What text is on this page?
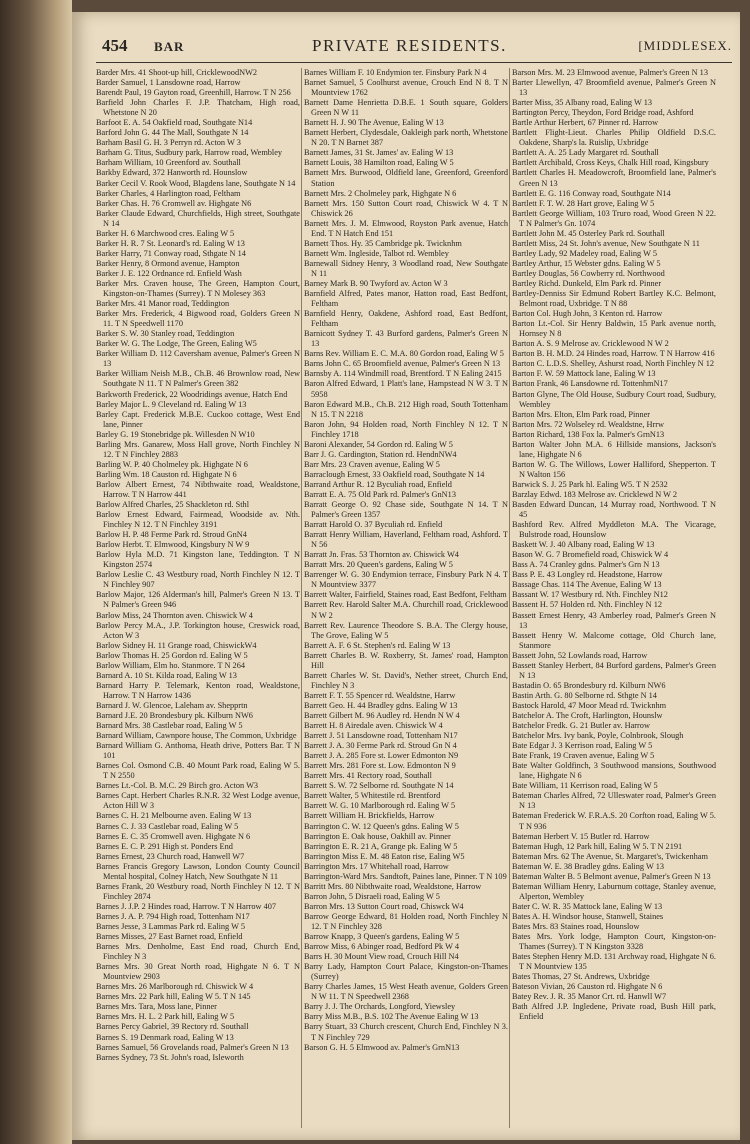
454 BAR	PRIVATE RESIDENTS.	[MIDDLESEX.
Barder Mrs. 41 Shoot-up hill, CricklewoodNW2
Barder Samuel, 1 Lansdowne road, Harrow
Barendt Paul, 19 Gayton road, Greenhill, Harrow. T N 256
Barfield John Charles F. J.P. Thatcham, High road, Whetstone N 20
Barfoot E. A. 54 Oakfield road, Southgate N14
Barford John G. 44 The Mall, Southgate N 14
Barham Basil G. H. 3 Perryn rd. Acton W 3
Barham G. Titus, Sudbury park, Harrow road, Wembley
Barham William, 10 Greenford av. Southall
Barkby Edward, 372 Hanworth rd. Hounslow
Barker Cecil V. Rook Wood, Blagdens lane, Southgate N 14
Barker Charles, 4 Harlington road, Feltham
Barker Chas. H. 76 Cromwell av. Highgate N6
Barker Claude Edward, Churchfields, High street, Southgate N 14
Barker H. 6 Marchwood cres. Ealing W 5
Barker H. R. 7 St. Leonard's rd. Ealing W 13
Barker Harry, 71 Conway road, Sthgate N 14
Barker Henry, 8 Ormond avenue, Hampton
Barker J. E. 122 Ordnance rd. Enfield Wash
Barker Mrs. Craven house, The Green, Hampton Court, Kingston-on-Thames (Surrey). T N Molesey 363
Barker Mrs. 41 Manor road, Teddington
Barker Mrs. Frederick, 4 Bigwood road, Golders Green N 11. T N Speedwell 1170
Barker S. W. 30 Stanley road, Teddington
Barker W. G. The Lodge, The Green, Ealing W5
Barker William D. 112 Caversham avenue, Palmer's Green N 13
Barker William Neish M.B., Ch.B. 46 Brownlow road, New Southgate N 11. T N Palmer's Green 382
Barkworth Frederick, 22 Woodridings avenue, Hatch End
Barley Major L. 9 Cleveland rd. Ealing W 13
Barley Capt. Frederick M.B.E. Cuckoo cottage, West End lane, Pinner
Barley G. 19 Stonebridge pk. Willesden N W10
Barling Mrs. Ganarew, Moss Hall grove, North Finchley N 12. T N Finchley 2883
Barling W. P. 40 Cholmeley pk. Highgate N 6
Barling Wm. 18 Causton rd. Highgate N 6
Barlow Albert Ernest, 74 Nibthwaite road, Wealdstone, Harrow. T N Harrow 441
Barlow Alfred Charles, 25 Shackleton rd. Sthl
Barlow Ernest Edward, Fairmead, Woodside av. Nth. Finchley N 12. T N Finchley 3191
Barlow H. P. 48 Ferme Park rd. Stroud GnN4
Barlow Herbt. T. Elmwood, Kingsbury N W 9
Barlow Hyla M.D. 71 Kingston lane, Teddington. T N Kingston 2574
Barlow Leslie C. 43 Westbury road, North Finchley N 12. T N Finchley 907
Barlow Major, 126 Alderman's hill, Palmer's Green N 13. T N Palmer's Green 946
Barlow Miss, 24 Thornton aven. Chiswick W 4
Barlow Percy M.A., J.P. Torkington house, Creswick road, Acton W 3
Barlow Sidney H. 11 Grange road, ChiswickW4
Barlow Thomas H. 25 Gordon rd. Ealing W 5
Barlow William, Elm ho. Stanmore. T N 264
Barnard A. 10 St. Kilda road, Ealing W 13
Barnard Harry P. Telemark, Kenton road, Wealdstone, Harrow. T N Harrow 1436
Barnard J. W. Glencoe, Laleham av. Shepprtn
Barnard J.E. 20 Brondesbury pk. Kilburn NW6
Barnard Mrs. 38 Castlebar road, Ealing W 5
Barnard William, Cawnpore house, The Common, Uxbridge
Barnard William G. Anthoma, Heath drive, Potters Bar. T N 101
Barnes Col. Osmond C.B. 40 Mount Park road, Ealing W 5. T N 2550
Barnes Lt.-Col. B. M.C. 29 Birch gro. Acton W3
Barnes Capt. Herbert Charles R.N.R. 32 West Lodge avenue, Acton Hill W 3
Barnes C. H. 21 Melbourne aven. Ealing W 13
Barnes C. J. 33 Castlebar road, Ealing W 5
Barnes E. C. 35 Cromwell aven. Highgate N 6
Barnes E. C. P. 291 High st. Ponders End
Barnes Ernest, 23 Church road, Hanwell W7
Barnes Francis Gregory Lawson, London County Council Mental hospital, Colney Hatch, New Southgate N 11
Barnes Frank, 20 Westbury road, North Finchley N 12. T N Finchley 2874
Barnes J. J.P. 2 Hindes road, Harrow. T N Harrow 407
Barnes J. A. P. 794 High road, Tottenham N17
Barnes Jesse, 3 Lammas Park rd. Ealing W 5
Barnes Misses, 27 East Barnet road, Enfield
Barnes Mrs. Denholme, East End road, Church End, Finchley N 3
Barnes Mrs. 30 Great North road, Highgate N 6. T N Mountview 2903
Barnes Mrs. 26 Marlborough rd. Chiswick W 4
Barnes Mrs. 22 Park hill, Ealing W 5. T N 145
Barnes Mrs. Tara, Moss lane, Pinner
Barnes Mrs. H. L. 2 Park hill, Ealing W 5
Barnes Percy Gabriel, 39 Rectory rd. Southall
Barnes S. 19 Denmark road, Ealing W 13
Barnes Samuel, 56 Grovelands road, Palmer's Green N 13
Barnes Sydney, 73 St. John's road, Isleworth
Barnes William F. 10 Endymion ter. Finsbury Park N 4
Barnet Samuel, 5 Coolhurst avenue, Crouch End N 8. T N Mountview 1762
Barnett Dame Henrietta D.B.E. 1 South square, Golders Green N W 11
Barnett H. J. 90 The Avenue, Ealing W 13
Barnett Herbert, Clydesdale, Oakleigh park north, Whetstone N 20. T N Barnet 387
Barnett James, 31 St. James' av. Ealing W 13
Barnett Louis, 38 Hamilton road, Ealing W 5
Barnett Mrs. Burwood, Oldfield lane, Greenford, Greenford Station
Barnett Mrs. 2 Cholmeley park, Highgate N 6
Barnett Mrs. 150 Sutton Court road, Chiswick W 4. T N Chiswick 26
Barnett Mrs. J. M. Elmwood, Royston Park avenue, Hatch End. T N Hatch End 151
Barnett Thos. Hy. 35 Cambridge pk. Twicknhm
Barnett Wm. Ingleside, Talbot rd. Wembley
Barnewall Sidney Henry, 3 Woodland road, New Southgate N 11
Barney Mark B. 90 Twyford av. Acton W 3
Barnfield Alfred, Pates manor, Hatton road, East Bedfont, Feltham
Barnfield Henry, Oakdene, Ashford road, East Bedfont, Feltham
Barnicott Sydney T. 43 Burford gardens, Palmer's Green N 13
Barns Rev. William E. C. M.A. 80 Gordon road, Ealing W 5
Barns John C. 65 Broomfield avenue, Palmer's Green N 13
Barnsby A. 114 Windmill road, Brentford. T N Ealing 2415
Baron Alfred Edward, 1 Platt's lane, Hampstead N W 3. T N 5958
Baron Edward M.B., Ch.B. 212 High road, South Tottenham N 15. T N 2218
Baron John, 94 Holden road, North Finchley N 12. T N Finchley 1718
Baroni Alexander, 54 Gordon rd. Ealing W 5
Barr J. G. Cardington, Station rd. HendnNW4
Barr Mrs. 23 Craven avenue, Ealing W 5
Barraclough Ernest, 33 Oakfield road, Southgate N 14
Barrand Arthur R. 12 Byculiah road, Enfield
Barratt E. A. 75 Old Park rd. Palmer's GnN13
Barratt George O. 92 Chase side, Southgate N 14. T N Palmer's Green 1357
Barratt Harold O. 37 Byculiah rd. Enfield
Barratt Henry William, Haverland, Feltham road, Ashford. T N 56
Barratt Jn. Fras. 53 Thornton av. Chiswick W4
Barratt Mrs. 20 Queen's gardens, Ealing W 5
Barrenger W. G. 30 Endymion terrace, Finsbury Park N 4. T N Mountview 3377
Barrett Walter, Fairfield, Staines road, East Bedfont, Feltham
Barrett Rev. Harold Salter M.A. Churchill road, Cricklewood N W 2
Barrett Rev. Laurence Theodore S. B.A. The Clergy house, The Grove, Ealing W 5
Barrett A. F. 6 St. Stephen's rd. Ealing W 13
Barrett Charles B. W. Roxberry, St. James' road, Hampton Hill
Barrett Charles W. St. David's, Nether street, Church End, Finchley N 3
Barrett F. T. 55 Spencer rd. Wealdstne, Harrw
Barrett Geo. H. 44 Bradley gdns. Ealing W 13
Barrett Gilbert M. 96 Audley rd. Hendn N W 4
Barrett H. 8 Airedale aven. Chiswick W 4
Barrett J. 51 Lansdowne road, Tottenham N17
Barrett J. A. 30 Ferme Park rd. Stroud Gn N 4
Barrett J. A. 285 Fore st. Lower Edmonton N9
Barrett Mrs. 281 Fore st. Low. Edmonton N 9
Barrett Mrs. 41 Rectory road, Southall
Barrett S. W. 72 Selborne rd. Southgate N 14
Barrett Walter, 5 Whitestile rd. Brentford
Barrett W. G. 10 Marlborough rd. Ealing W 5
Barrett William H. Brickfields, Harrow
Barrington C. W. 12 Queen's gdns. Ealing W 5
Barrington E. Oak house, Oakhill av. Pinner
Barrington E. R. 21 A, Grange pk. Ealing W 5
Barrington Miss E. M. 48 Eaton rise, Ealing W5
Barrington Mrs. 17 Whitehall road, Harrow
Barrington-Ward Mrs. Sandtoft, Paines lane, Pinner. T N 109
Barritt Mrs. 80 Nibthwaite road, Wealdstone, Harrow
Barron John, 5 Disraeli road, Ealing W 5
Barron Mrs. 13 Sutton Court road, Chiswck W4
Barrow George Edward, 81 Holden road, North Finchley N 12. T N Finchley 328
Barrow Knapp, 3 Queen's gardens, Ealing W 5
Barrow Miss, 6 Abinger road, Bedford Pk W 4
Barrs H. 30 Mount View road, Crouch Hill N4
Barry Lady, Hampton Court Palace, Kingston-on-Thames (Surrey)
Barry Charles James, 15 West Heath avenue, Golders Green N W 11. T N Speedwell 2368
Barry J. J. The Orchards, Longford, Yiewsley
Barry Miss M.B., B.S. 102 The Avenue Ealing W 13
Barry Stuart, 33 Church crescent, Church End, Finchley N 3. T N Finchley 729
Barson G. H. 5 Elmwood av. Palmer's GrnN13
Barson Mrs. M. 23 Elmwood avenue, Palmer's Green N 13
Barter Llewellyn, 47 Broomfield avenue, Palmer's Green N 13
Barter Miss, 35 Albany road, Ealing W 13
Bartington Percy, Theydon, Ford Bridge road, Ashford
Bartle Arthur Herbert, 67 Pinner rd. Harrow
Bartlett Flight-Lieut. Charles Philip Oldfield D.S.C. Oakdene, Sharp's la. Ruislip, Uxbridge
Bartlett A. A. 25 Lady Margaret rd. Southall
Bartlett Archibald, Cross Keys, Chalk Hill road, Kingsbury
Bartlett Charles H. Meadowcroft, Broomfield lane, Palmer's Green N 13
Bartlett E. G. 116 Conway road, Southgate N14
Bartlett F. T. W. 28 Hart grove, Ealing W 5
Bartlett George William, 103 Truro road, Wood Green N 22. T N Palmer's Gn. 1074
Bartlett John M. 45 Osterley Park rd. Southall
Bartlett Miss, 24 St. John's avenue, New Southgate N 11
Bartley Lady, 92 Madeley road, Ealing W 5
Bartley Arthur, 15 Webster gdns. Ealing W 5
Bartley Douglas, 56 Cowberry rd. Northwood
Bartley Richd. Dunkeld, Elm Park rd. Pinner
Bartley-Denniss Sir Edmund Robert Bartley K.C. Belmont, Belmont road, Uxbridge. T N 88
Barton Col. Hugh John, 3 Kenton rd. Harrow
Barton Lt.-Col. Sir Henry Baldwin, 15 Park avenue north, Hornsey N 8
Barton A. S. 9 Melrose av. Cricklewood N W 2
Barton B. H. M.D. 24 Hindes road, Harrow. T N Harrow 416
Barton C. L.D.S. Shelley, Ashurst road, North Finchley N 12
Barton F. W. 59 Mattock lane, Ealing W 13
Barton Frank, 46 Lansdowne rd. TottenhmN17
Barton Glyne, The Old House, Sudbury Court road, Sudbury, Wembley
Barton Mrs. Elton, Elm Park road, Pinner
Barton Mrs. 72 Wolseley rd. Wealdstne, Hrrw
Barton Richard, 138 Fox la. Palmer's GrnN13
Barton Walter John M.A. 6 Hillside mansions, Jackson's lane, Highgate N 6
Barton W. G. The Willows, Lower Halliford, Shepperton. T N Walton 156
Barwick S. J. 25 Park hl. Ealing W5. T N 2532
Barzlay Edwd. 183 Melrose av. Cricklewd N W 2
Basden Edward Duncan, 14 Murray road, Northwood. T N 45
Bashford Rev. Alfred Myddleton M.A. The Vicarage, Bulstrode road, Hounslow
Baskett W. J. 40 Albany road, Ealing W 13
Bason W. G. 7 Bromefield road, Chiswick W 4
Bass A. 74 Cranley gdns. Palmer's Grn N 13
Bass P. E. 43 Longley rd. Headstone, Harrow
Bassage Chas. 114 The Avenue, Ealing W 13
Bassant W. 17 Westbury rd. Nth. Finchley N12
Bassent H. 57 Holden rd. Nth. Finchley N 12
Bassett Ernest Henry, 43 Amberley road, Palmer's Green N 13
Bassett Henry W. Malcome cottage, Old Church lane, Stanmore
Bassett John, 52 Lowlands road, Harrow
Bassett Stanley Herbert, 84 Burford gardens, Palmer's Green N 13
Bastadin O. 65 Brondesbury rd. Kilburn NW6
Bastin Arth. G. 80 Selborne rd. Sthgte N 14
Bastock Harold, 47 Moor Mead rd. Twicknhm
Batchelor A. The Croft, Harlington, Hounslw
Batchelor Fredk. G. 21 Butler av. Harrow
Batchelor Mrs. Ivy bank, Poyle, Colnbrook, Slough
Bate Edgar J. 3 Kerrison road, Ealing W 5
Bate Frank, 19 Craven avenue, Ealing W 5
Bate Walter Goldfinch, 3 Southwood mansions, Southwood lane, Highgate N 6
Bate William, 11 Kerrison road, Ealing W 5
Bateman Charles Alfred, 72 Ulleswater road, Palmer's Green N 13
Bateman Frederick W. F.R.A.S. 20 Corfton road, Ealing W 5. T N 936
Bateman Herbert V. 15 Butler rd. Harrow
Bateman Hugh, 12 Park hill, Ealing W 5. T N 2191
Bateman Mrs. 62 The Avenue, St. Margaret's, Twickenham
Bateman W. E. 38 Bradley gdns. Ealing W 13
Bateman Walter B. 5 Belmont avenue, Palmer's Green N 13
Bateman William Henry, Laburnum cottage, Stanley avenue, Alperton, Wembley
Bater C. W. R. 35 Mattock lane, Ealing W 13
Bates A. H. Windsor house, Stanwell, Staines
Bates Mrs. 83 Staines road, Hounslow
Bates Mrs. York lodge, Hampton Court, Kingston-on-Thames (Surrey). T N Kingston 3328
Bates Stephen Henry M.D. 131 Archway road, Highgate N 6. T N Mountview 135
Bates Thomas, 27 St. Andrews, Uxbridge
Bateson Vivian, 26 Causton rd. Highgate N 6
Batey Rev. J. R. 35 Manor Crt. rd. Hanwll W7
Bath Alfred J.P. Ingledene, Private road, Bush Hill park, Enfield
